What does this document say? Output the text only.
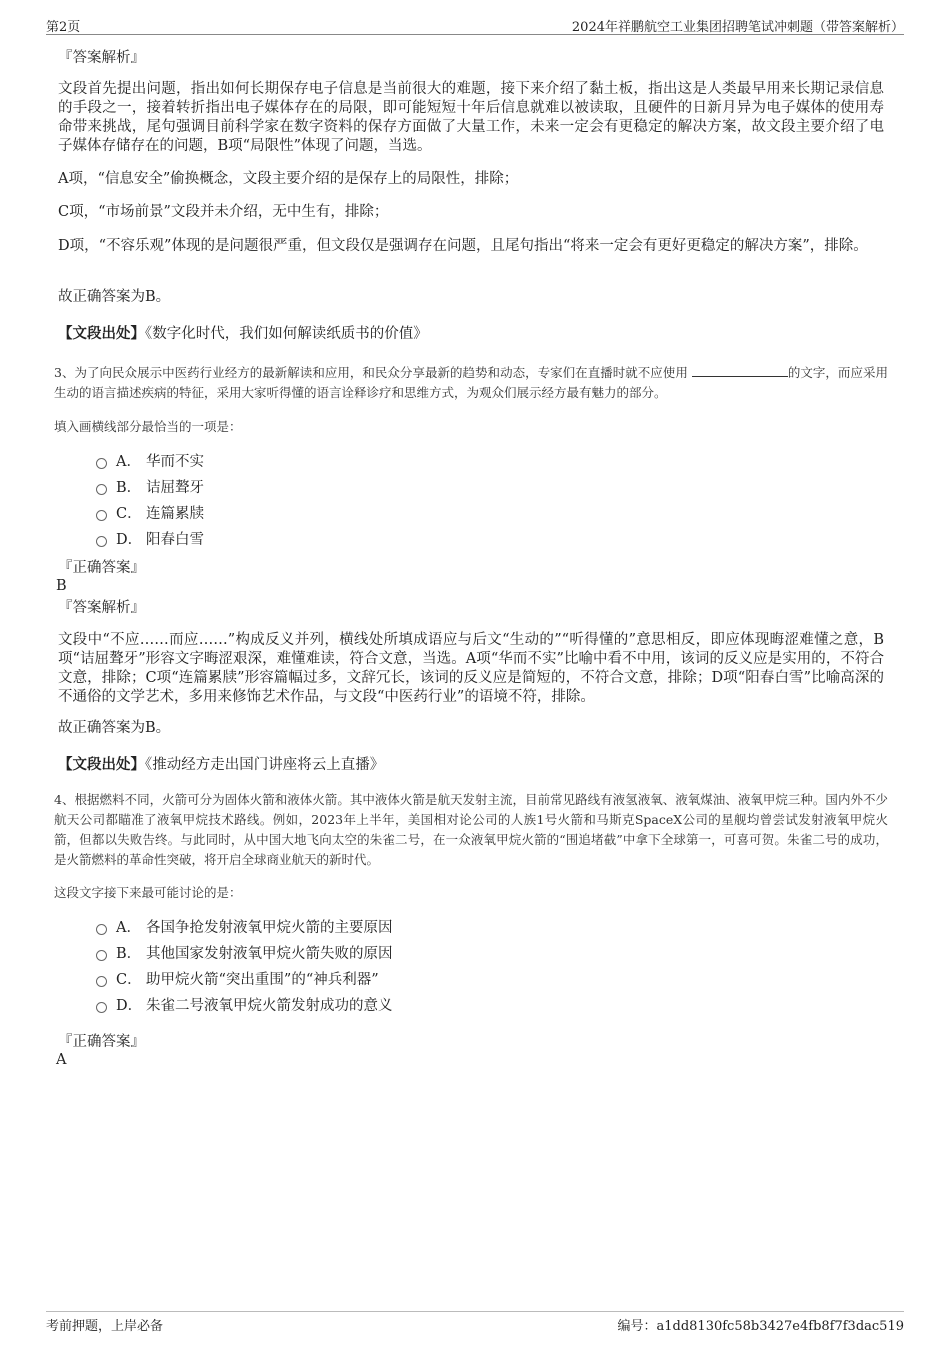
第2页	2024年祥鹏航空工业集团招聘笔试冲刺题（带答案解析）
『答案解析』
文段首先提出问题，指出如何长期保存电子信息是当前很大的难题，接下来介绍了黏土板，指出这是人类最早用来长期记录信息的手段之一，接着转折指出电子媒体存在的局限，即可能短短十年后信息就难以被读取，且硬件的日新月异为电子媒体的使用寿命带来挑战，尾句强调目前科学家在数字资料的保存方面做了大量工作，未来一定会有更稳定的解决方案，故文段主要介绍了电子媒体存储存在的问题，B项“局限性”体现了问题，当选。
A项，“信息安全”偷换概念，文段主要介绍的是保存上的局限性，排除；
C项，“市场前景”文段并未介绍，无中生有，排除；
D项，“不容乐观”体现的是问题很严重，但文段仅是强调存在问题，且尾句指出“将来一定会有更好更稳定的解决方案”，排除。
故正确答案为B。
【文段出处】《数字化时代，我们如何解读纸质书的价值》
3、为了向民众展示中医药行业经方的最新解读和应用，和民众分享最新的趋势和动态，专家们在直播时就不应使用	的文字，而应采用生动的语言描述疾病的特征，采用大家听得懂的语言诠释诊疗和思维方式，为观众们展示经方最有魅力的部分。
填入画横线部分最恰当的一项是：
A． 华而不实
B． 诘屈聱牙
C． 连篇累牍
D． 阳春白雪
『正确答案』
B
『答案解析』
文段中“不应……而应……”构成反义并列，横线处所填成语应与后文“生动的”“听得懂的”意思相反，即应体现晦涩难懂之意，B项“诘屈聱牙”形容文字晦涩艰深，难懂难读，符合文意，当选。A项“华而不实”比喻中看不中用，该词的反义应是实用的，不符合文意，排除；C项“连篇累牍”形容篇幅过多，文辞冗长，该词的反义应是简短的，不符合文意，排除；D项“阳春白雪”比喻高深的不通俗的文学艺术，多用来修饰艺术作品，与文段“中医药行业”的语境不符，排除。
故正确答案为B。
【文段出处】《推动经方走出国门讲座将云上直播》
4、根据燃料不同，火箭可分为固体火箭和液体火箭。其中液体火箭是航天发射主流，目前常见路线有液氢液氧、液氧煤油、液氧甲烷三种。国内外不少航天公司都瞄准了液氧甲烷技术路线。例如，2023年上半年，美国相对论公司的人族1号火箭和马斯克SpaceX公司的星舰均曾尝试发射液氧甲烷火箭，但都以失败告终。与此同时，从中国大地飞向太空的朱雀二号，在一众液氧甲烷火箭的“围追堵截”中拿下全球第一，可喜可贺。朱雀二号的成功，是火箭燃料的革命性突破，将开启全球商业航天的新时代。
这段文字接下来最可能讨论的是：
A． 各国争抢发射液氧甲烷火箭的主要原因
B． 其他国家发射液氧甲烷火箭失败的原因
C． 助甲烷火箭“突出重围”的“神兵利器”
D． 朱雀二号液氧甲烷火箭发射成功的意义
『正确答案』
A
考前押题，上岸必备	编号：a1dd8130fc58b3427e4fb8f7f3dac519
